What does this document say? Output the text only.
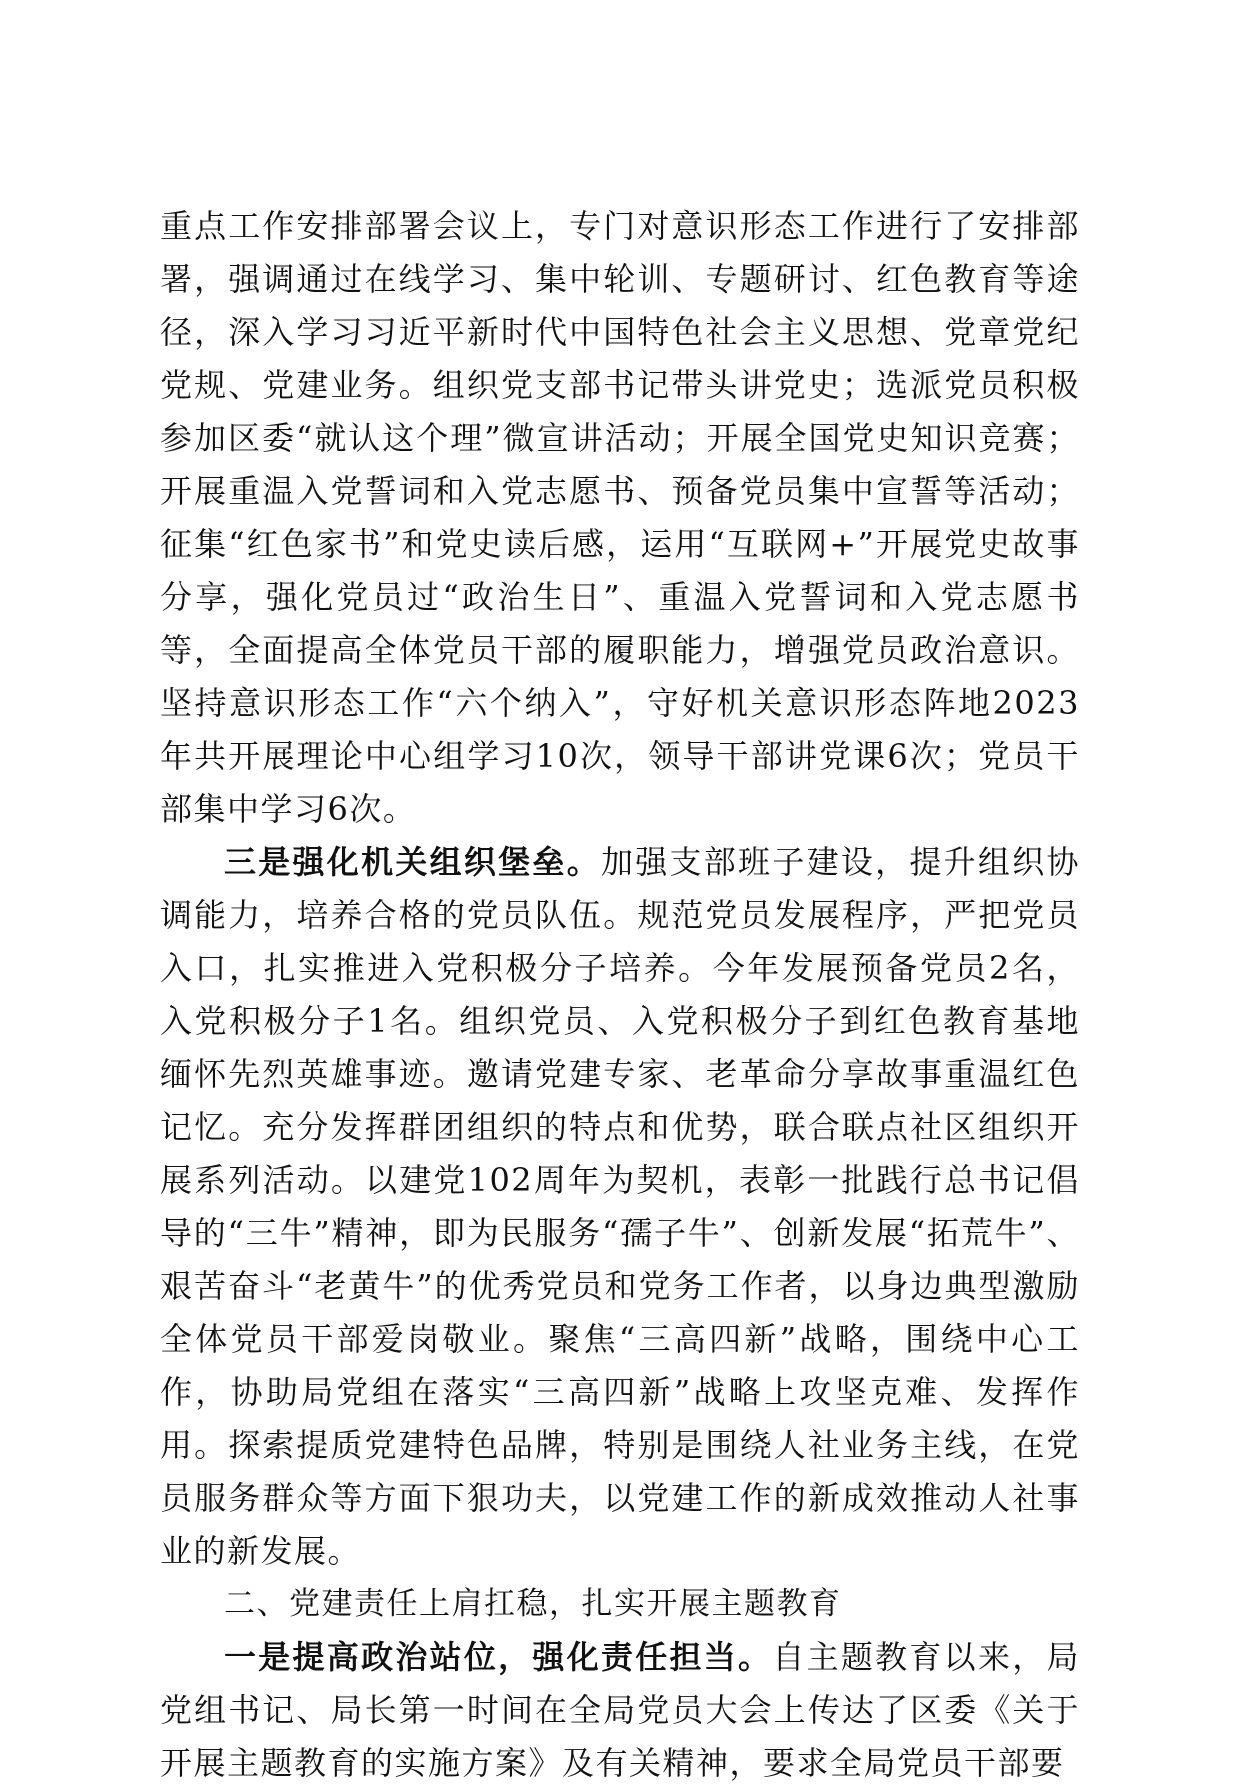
重点工作安排部署会议上，专门对意识形态工作进行了安排部署，强调通过在线学习、集中轮训、专题研讨、红色教育等途径，深入学习习近平新时代中国特色社会主义思想、党章党纪党规、党建业务。组织党支部书记带头讲党史；选派党员积极参加区委“就认这个理”微宣讲活动；开展全国党史知识竞赛；开展重温入党誓词和入党志愿书、预备党员集中宣誓等活动；征集“红色家书”和党史读后感，运用“互联网+”开展党史故事分享，强化党员过“政治生日”、重温入党誓词和入党志愿书等，全面提高全体党员干部的履职能力，增强党员政治意识。坚持意识形态工作“六个纳入”，守好机关意识形态阵地2023年共开展理论中心组学习10次，领导干部讲党课6次；党员干部集中学习6次。

三是强化机关组织堡垒。加强支部班子建设，提升组织协调能力，培养合格的党员队伍。规范党员发展程序，严把党员入口，扎实推进入党积极分子培养。今年发展预备党员2名，入党积极分子1名。组织党员、入党积极分子到红色教育基地缅怀先烈英雄事迹。邀请党建专家、老革命分享故事重温红色记忆。充分发挥群团组织的特点和优势，联合联点社区组织开展系列活动。以建党102周年为契机，表彰一批践行总书记倡导的“三牛”精神，即为民服务“孺子牛”、创新发展“拓荒牛”、艰苦奋斗“老黄牛”的优秀党员和党务工作者，以身边典型激励全体党员干部爱岗敬业。聚焦“三高四新”战略，围绕中心工作，协助局党组在落实“三高四新”战略上攻坚克难、发挥作用。探索提质党建特色品牌，特别是围绕人社业务主线，在党员服务群众等方面下狠功夫，以党建工作的新成效推动人社事业的新发展。

二、党建责任上肩扛稳，扎实开展主题教育

一是提高政治站位，强化责任担当。自主题教育以来，局党组书记、局长第一时间在全局党员大会上传达了区委《关于开展主题教育的实施方案》及有关精神，要求全局党员干部要
